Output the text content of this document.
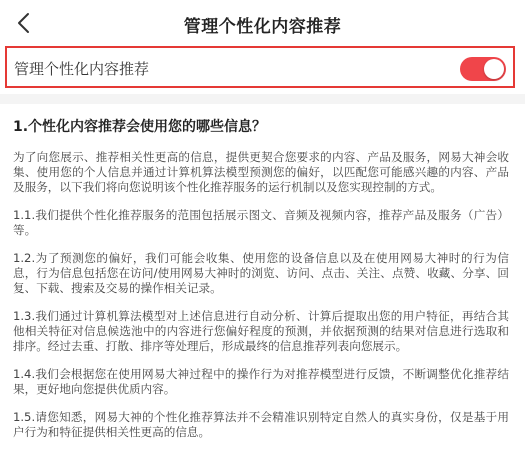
管理个性化内容推荐
管理个性化内容推荐
1.个性化内容推荐会使用您的哪些信息？

为了向您展示、推荐相关性更高的信息，提供更契合您要求的内容、产品及服务，网易大神会收集、使用您的个人信息并通过计算机算法模型预测您的偏好，以匹配您可能感兴趣的内容、产品及服务，以下我们将向您说明该个性化推荐服务的运行机制以及您实现控制的方式。

1.1.我们提供个性化推荐服务的范围包括展示图文、音频及视频内容，推荐产品及服务（广告）等。

1.2.为了预测您的偏好，我们可能会收集、使用您的设备信息以及在使用网易大神时的行为信息，行为信息包括您在访问/使用网易大神时的浏览、访问、点击、关注、点赞、收藏、分享、回复、下载、搜索及交易的操作相关记录。

1.3.我们通过计算机算法模型对上述信息进行自动分析、计算后提取出您的用户特征，再结合其他相关特征对信息候选池中的内容进行您偏好程度的预测，并依据预测的结果对信息进行选取和排序。经过去重、打散、排序等处理后，形成最终的信息推荐列表向您展示。

1.4.我们会根据您在使用网易大神过程中的操作行为对推荐模型进行反馈，不断调整优化推荐结果，更好地向您提供优质内容。

1.5.请您知悉，网易大神的个性化推荐算法并不会精准识别特定自然人的真实身份，仅是基于用户行为和特征提供相关性更高的信息。
